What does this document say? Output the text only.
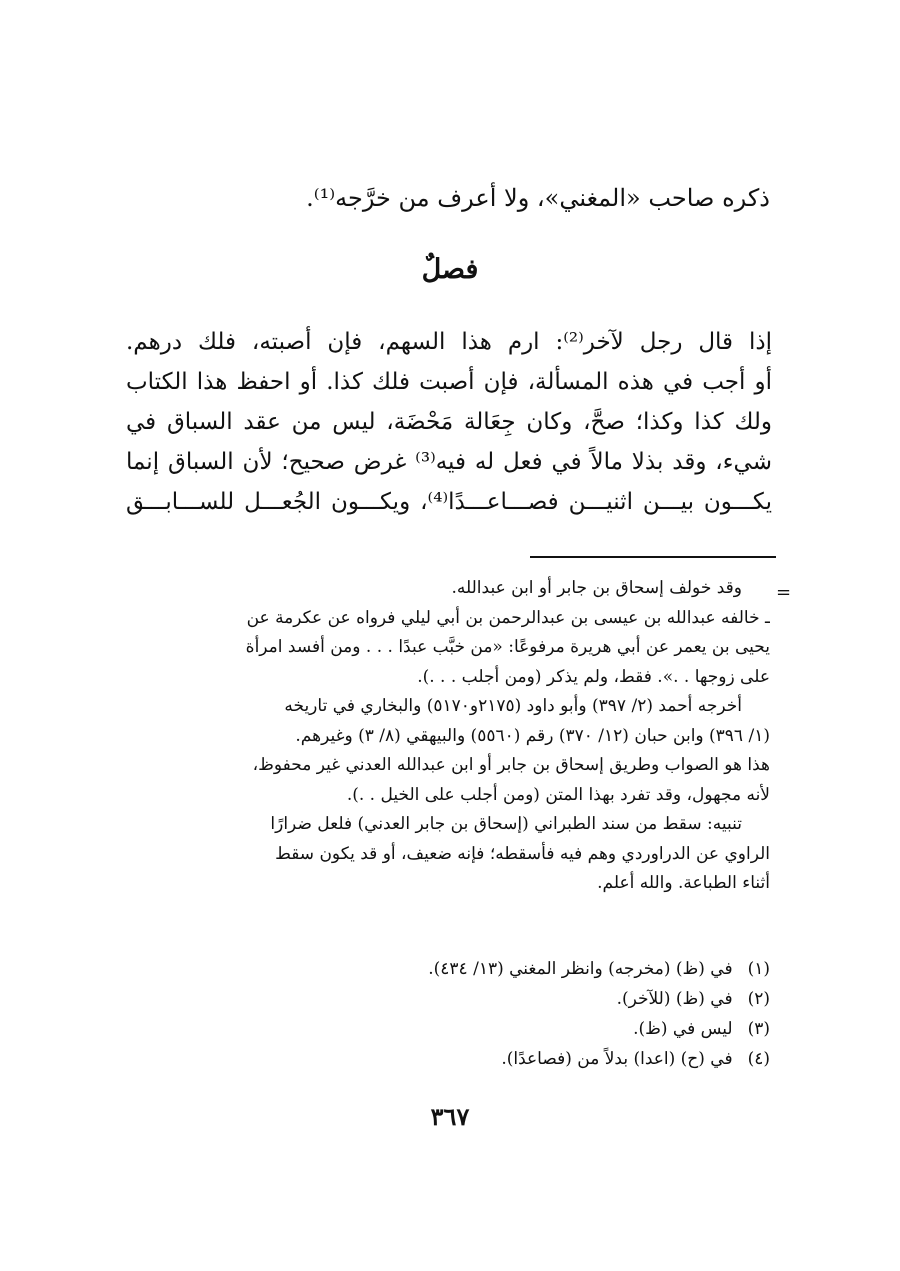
ذكره صاحب «المغني»، ولا أعرف من خرَّجه⁽¹⁾.
فصلٌ
إذا قال رجل لآخر⁽²⁾: ارم هذا السهم، فإن أصبته، فلك درهم.
أو أجب في هذه المسألة، فإن أصبت فلك كذا. أو احفظ هذا الكتاب
ولك كذا وكذا؛ صحَّ، وكان جِعَالة مَحْضَة، ليس من عقد السباق في
شيء، وقد بذلا مالاً في فعل له فيه⁽³⁾ غرض صحيح؛ لأن السباق إنما
يكـــون بيـــن اثنيـــن فصـــاعـــدًا⁽⁴⁾، ويكـــون الجُعـــل للســـابـــق
=
وقد خولف إسحاق بن جابر أو ابن عبدالله.
ـ خالفه عبدالله بن عيسى بن عبدالرحمن بن أبي ليلي فرواه عن عكرمة عن
يحيى بن يعمر عن أبي هريرة مرفوعًا: «من خبَّب عبدًا . . . ومن أفسد امرأة
على زوجها . .». فقط، ولم يذكر (ومن أجلب . . .).
أخرجه أحمد (٢/ ٣٩٧) وأبو داود (٢١٧٥و٥١٧٠) والبخاري في تاريخه
(١/ ٣٩٦) وابن حبان (١٢/ ٣٧٠) رقم (٥٥٦٠) والبيهقي (٨/ ٣) وغيرهم.
هذا هو الصواب وطريق إسحاق بن جابر أو ابن عبدالله العدني غير محفوظ،
لأنه مجهول، وقد تفرد بهذا المتن (ومن أجلب على الخيل . .).
تنبيه: سقط من سند الطبراني (إسحاق بن جابر العدني) فلعل ضرارًا
الراوي عن الدراوردي وهم فيه فأسقطه؛ فإنه ضعيف، أو قد يكون سقط
أثناء الطباعة. والله أعلم.
(١) في (ظ) (مخرجه) وانظر المغني (١٣/ ٤٣٤).
(٢) في (ظ) (للآخر).
(٣) ليس في (ظ).
(٤) في (ح) (اعدا) بدلاً من (فصاعدًا).
٣٦٧
